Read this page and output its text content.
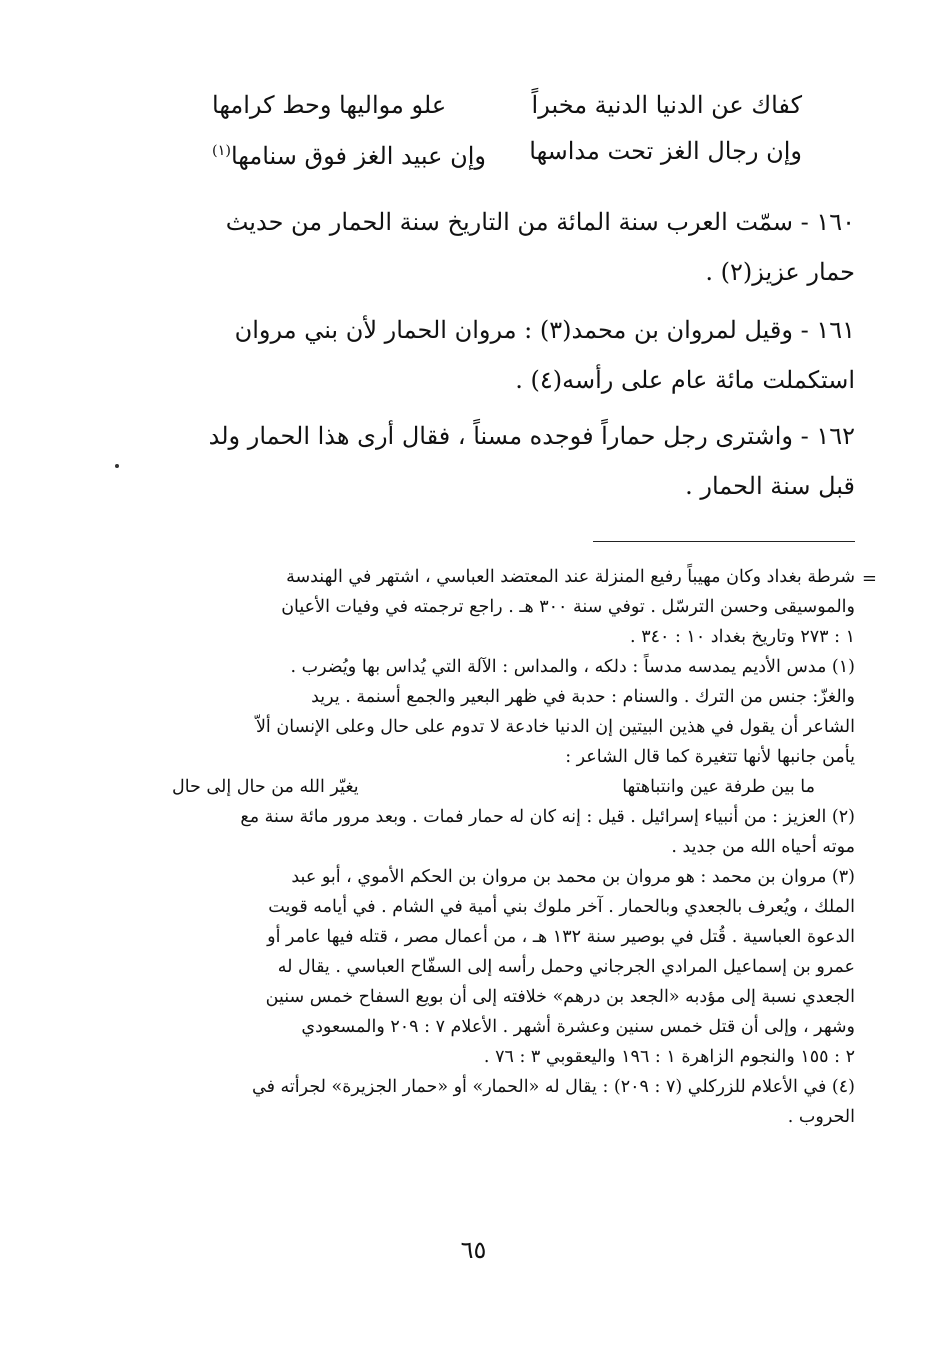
كفاك عن الدنيا الدنية مخبراً
علو مواليها وحط كرامها
وإن رجال الغز تحت مداسها
وإن عبيد الغز فوق سنامها$^{(١)}$
١٦٠ - سمّت العرب سنة المائة من التاريخ سنة الحمار من حديث
حمار عزيز(٢) .
١٦١ - وقيل لمروان بن محمد(٣) : مروان الحمار لأن بني مروان
استكملت مائة عام على رأسه(٤) .
١٦٢ - واشترى رجل حماراً فوجده مسناً ، فقال أرى هذا الحمار ولد
قبل سنة الحمار .
=

شرطة بغداد وكان مهيباً رفيع المنزلة عند المعتضد العباسي ، اشتهر في الهندسة

والموسيقى وحسن الترسّل . توفي سنة ٣٠٠ هـ . راجع ترجمته في وفيات الأعيان

١ : ٢٧٣ وتاريخ بغداد ١٠ : ٣٤٠ .

(١) مدس الأديم يمدسه مدساً : دلكه ، والمداس : الآلة التي يُداس بها ويُضرب .

والغزّ: جنس من الترك . والسنام : حدبة في ظهر البعير والجمع أسنمة . يريد

الشاعر أن يقول في هذين البيتين إن الدنيا خادعة لا تدوم على حال وعلى الإنسان ألاّ

يأمن جانبها لأنها تتغيرة كما قال الشاعر :

ما بين طرفة عين وانتباهتها
يغيّر الله من حال إلى حال

(٢) العزيز : من أنبياء إسرائيل . قيل : إنه كان له حمار فمات . وبعد مرور مائة سنة مع

موته أحياه الله من جديد .

(٣) مروان بن محمد : هو مروان بن محمد بن مروان بن الحكم الأموي ، أبو عبد

الملك ، ويُعرف بالجعدي وبالحمار . آخر ملوك بني أمية في الشام . في أيامه قويت

الدعوة العباسية . قُتل في بوصير سنة ١٣٢ هـ ، من أعمال مصر ، قتله فيها عامر أو

عمرو بن إسماعيل المرادي الجرجاني وحمل رأسه إلى السفّاح العباسي . يقال له

الجعدي نسبة إلى مؤدبه «الجعد بن درهم» خلافته إلى أن بويع السفاح خمس سنين

وشهر ، وإلى أن قتل خمس سنين وعشرة أشهر . الأعلام ٧ : ٢٠٩ والمسعودي

٢ : ١٥٥ والنجوم الزاهرة ١ : ١٩٦ واليعقوبي ٣ : ٧٦ .

(٤) في الأعلام للزركلي (٧ : ٢٠٩) : يقال له «الحمار» أو «حمار الجزيرة» لجرأته في

الحروب .

٦٥
